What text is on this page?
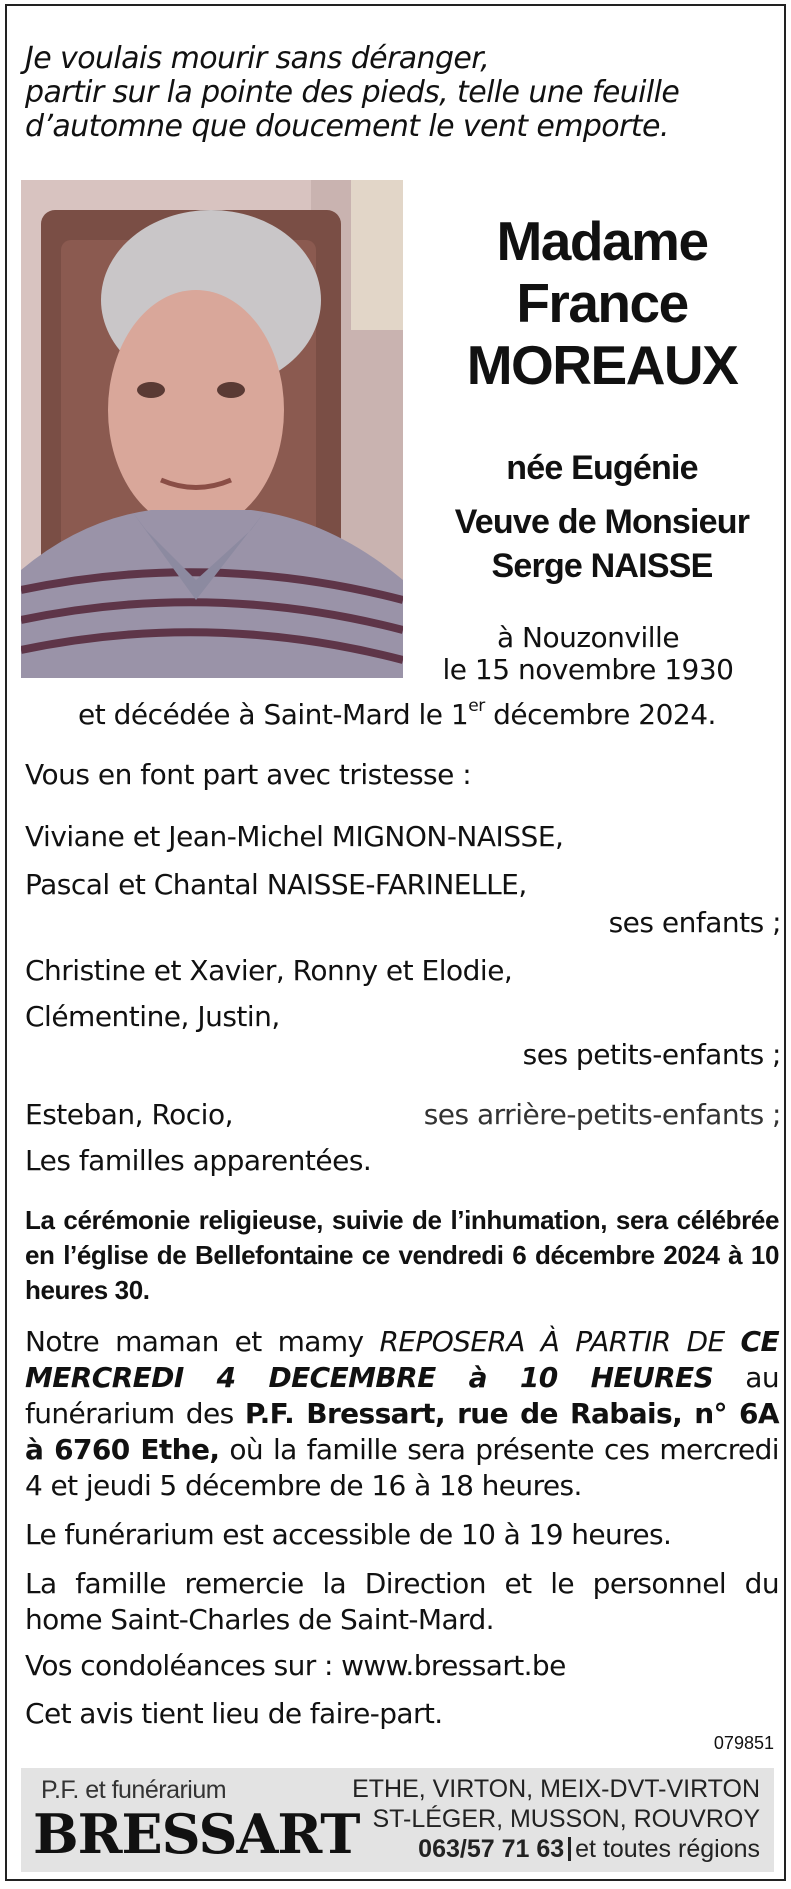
Je voulais mourir sans déranger,
partir sur la pointe des pieds, telle une feuille
d’automne que doucement le vent emporte.
Madame
France
MOREAUX
née Eugénie
Veuve de Monsieur
Serge NAISSE
à Nouzonville
le 15 novembre 1930
et décédée à Saint-Mard le 1er décembre 2024.
Vous en font part avec tristesse :
Viviane et Jean-Michel MIGNON-NAISSE,
Pascal et Chantal NAISSE-FARINELLE,
ses enfants ;
Christine et Xavier, Ronny et Elodie,
Clémentine, Justin,
ses petits-enfants ;
Esteban, Rocio,	ses arrière-petits-enfants ;
Les familles apparentées.
La cérémonie religieuse, suivie de l’inhumation, sera célébrée en l’église de Bellefontaine ce vendredi 6 décembre 2024 à 10 heures 30.
Notre maman et mamy REPOSERA À PARTIR DE CE MERCREDI 4 DECEMBRE à 10 HEURES au funérarium des P.F. Bressart, rue de Rabais, n° 6A à 6760 Ethe, où la famille sera présente ces mercredi 4 et jeudi 5 décembre de 16 à 18 heures.
Le funérarium est accessible de 10 à 19 heures.
La famille remercie la Direction et le personnel du home Saint-Charles de Saint-Mard.
Vos condoléances sur : www.bressart.be
Cet avis tient lieu de faire-part.
079851
P.F. et funérarium
BRESSART
ETHE, VIRTON, MEIX-DVT-VIRTON
ST-LÉGER, MUSSON, ROUVROY
063/57 71 63 et toutes régions
